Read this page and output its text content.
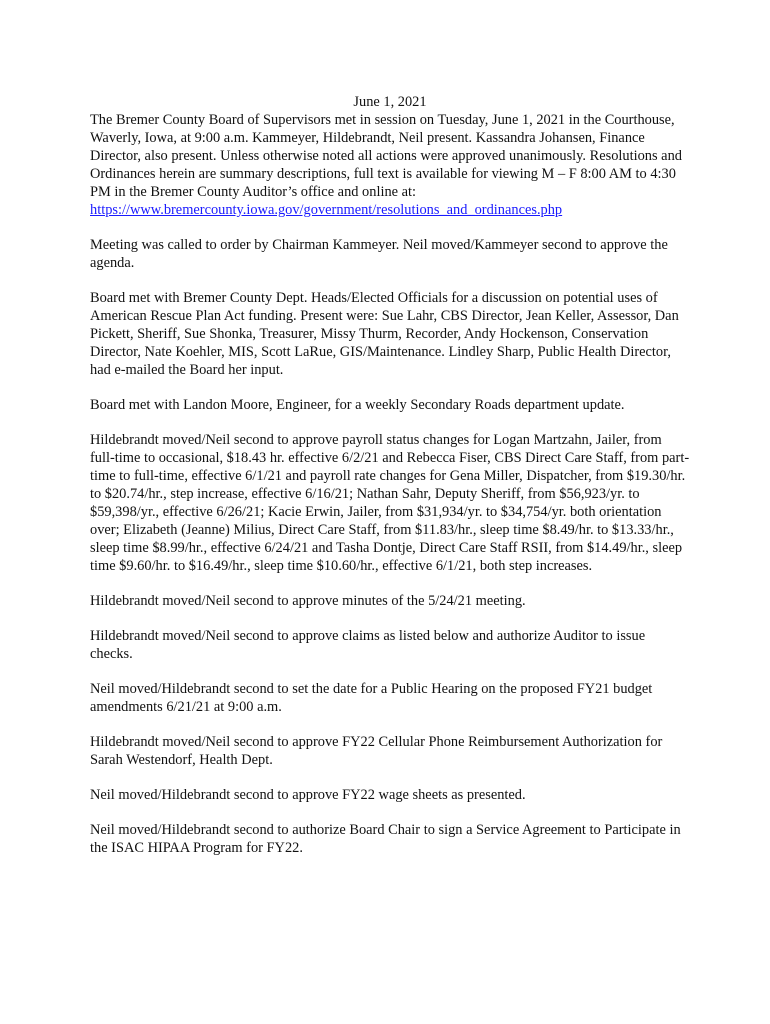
June 1, 2021

The Bremer County Board of Supervisors met in session on Tuesday, June 1, 2021 in the Courthouse, Waverly, Iowa, at 9:00 a.m. Kammeyer, Hildebrandt, Neil present. Kassandra Johansen, Finance Director, also present. Unless otherwise noted all actions were approved unanimously. Resolutions and Ordinances herein are summary descriptions, full text is available for viewing M – F 8:00 AM to 4:30 PM in the Bremer County Auditor’s office and online at: https://www.bremercounty.iowa.gov/government/resolutions_and_ordinances.php

Meeting was called to order by Chairman Kammeyer. Neil moved/Kammeyer second to approve the agenda.

Board met with Bremer County Dept. Heads/Elected Officials for a discussion on potential uses of American Rescue Plan Act funding. Present were: Sue Lahr, CBS Director, Jean Keller, Assessor, Dan Pickett, Sheriff, Sue Shonka, Treasurer, Missy Thurm, Recorder, Andy Hockenson, Conservation Director, Nate Koehler, MIS, Scott LaRue, GIS/Maintenance. Lindley Sharp, Public Health Director, had e-mailed the Board her input.

Board met with Landon Moore, Engineer, for a weekly Secondary Roads department update.

Hildebrandt moved/Neil second to approve payroll status changes for Logan Martzahn, Jailer, from full-time to occasional, $18.43 hr. effective 6/2/21 and Rebecca Fiser, CBS Direct Care Staff, from part-time to full-time, effective 6/1/21 and payroll rate changes for Gena Miller, Dispatcher, from $19.30/hr. to $20.74/hr., step increase, effective 6/16/21; Nathan Sahr, Deputy Sheriff, from $56,923/yr. to $59,398/yr., effective 6/26/21; Kacie Erwin, Jailer, from $31,934/yr. to $34,754/yr. both orientation over; Elizabeth (Jeanne) Milius, Direct Care Staff, from $11.83/hr., sleep time $8.49/hr. to $13.33/hr., sleep time $8.99/hr., effective 6/24/21 and Tasha Dontje, Direct Care Staff RSII, from $14.49/hr., sleep time $9.60/hr. to $16.49/hr., sleep time $10.60/hr., effective 6/1/21, both step increases.

Hildebrandt moved/Neil second to approve minutes of the 5/24/21 meeting.

Hildebrandt moved/Neil second to approve claims as listed below and authorize Auditor to issue checks.

Neil moved/Hildebrandt second to set the date for a Public Hearing on the proposed FY21 budget amendments 6/21/21 at 9:00 a.m.

Hildebrandt moved/Neil second to approve FY22 Cellular Phone Reimbursement Authorization for Sarah Westendorf, Health Dept.

Neil moved/Hildebrandt second to approve FY22 wage sheets as presented.

Neil moved/Hildebrandt second to authorize Board Chair to sign a Service Agreement to Participate in the ISAC HIPAA Program for FY22.
